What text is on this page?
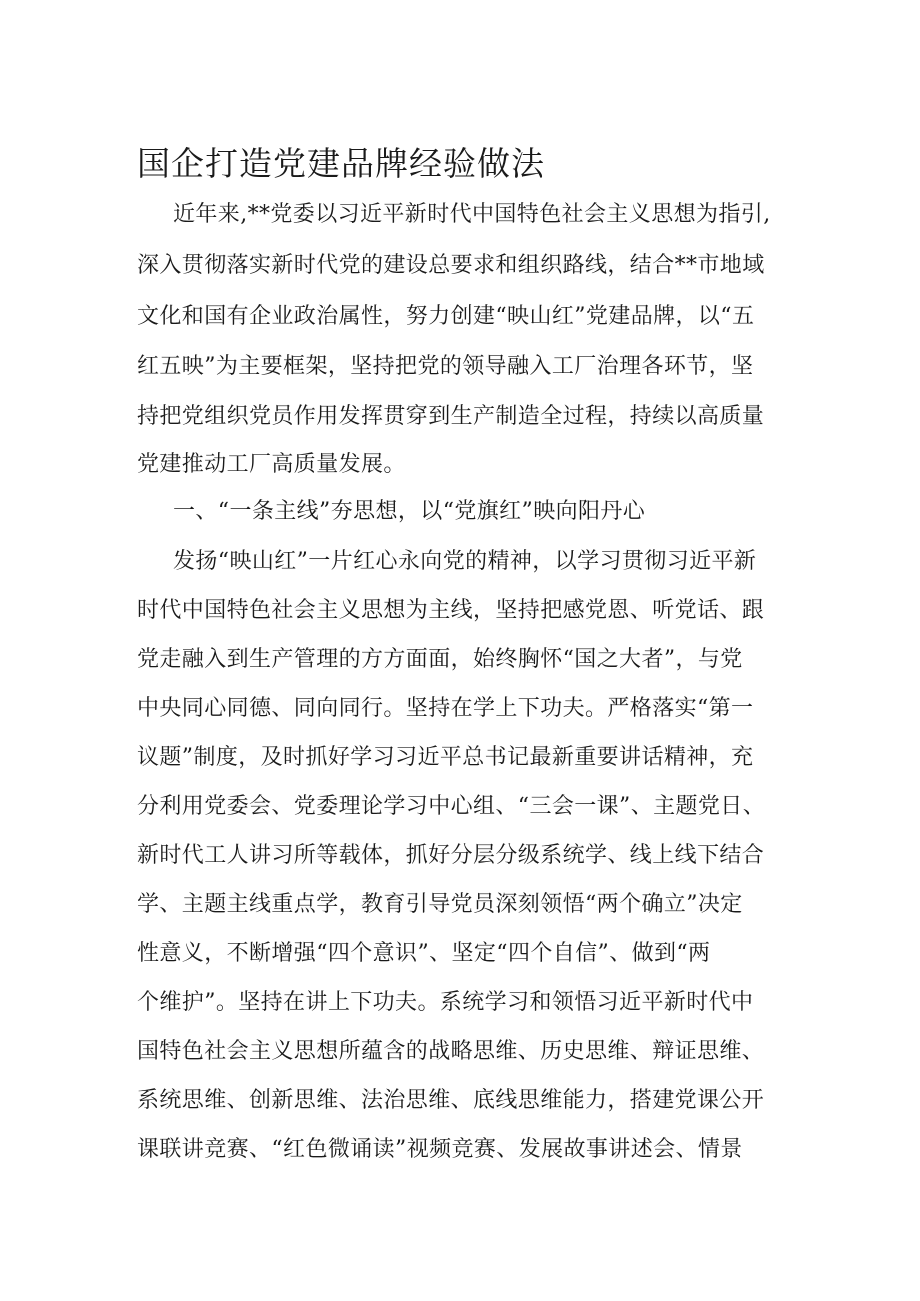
国企打造党建品牌经验做法
近年来,**党委以习近平新时代中国特色社会主义思想为指引,
深入贯彻落实新时代党的建设总要求和组织路线，结合**市地域
文化和国有企业政治属性，努力创建“映山红”党建品牌，以“五
红五映”为主要框架，坚持把党的领导融入工厂治理各环节，坚
持把党组织党员作用发挥贯穿到生产制造全过程，持续以高质量
党建推动工厂高质量发展。
一、“一条主线”夯思想，以“党旗红”映向阳丹心
发扬“映山红”一片红心永向党的精神，以学习贯彻习近平新
时代中国特色社会主义思想为主线，坚持把感党恩、听党话、跟
党走融入到生产管理的方方面面，始终胸怀“国之大者”，与党
中央同心同德、同向同行。坚持在学上下功夫。严格落实“第一
议题”制度，及时抓好学习习近平总书记最新重要讲话精神，充
分利用党委会、党委理论学习中心组、“三会一课”、主题党日、
新时代工人讲习所等载体，抓好分层分级系统学、线上线下结合
学、主题主线重点学，教育引导党员深刻领悟“两个确立”决定
性意义，不断增强“四个意识”、坚定“四个自信”、做到“两
个维护”。坚持在讲上下功夫。系统学习和领悟习近平新时代中
国特色社会主义思想所蕴含的战略思维、历史思维、辩证思维、
系统思维、创新思维、法治思维、底线思维能力，搭建党课公开
课联讲竞赛、“红色微诵读”视频竞赛、发展故事讲述会、情景
